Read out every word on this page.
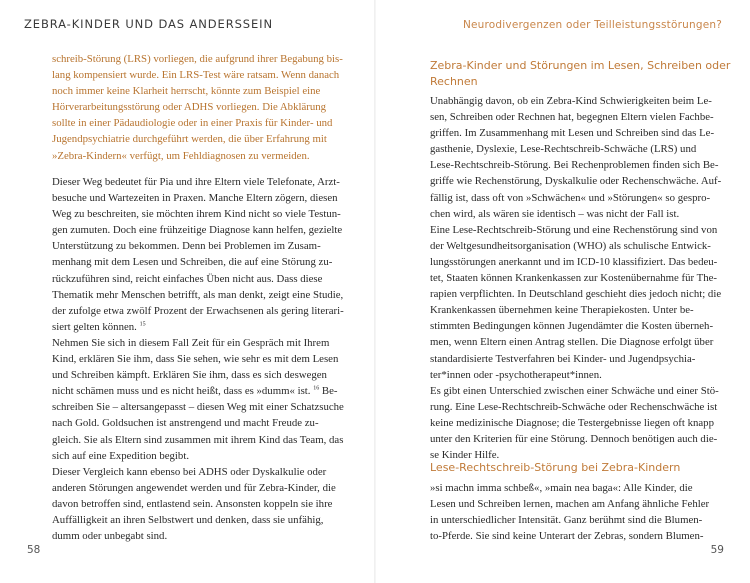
ZEBRA-KINDER UND DAS ANDERSSEIN
schreib-Störung (LRS) vorliegen, die aufgrund ihrer Begabung bis-
lang kompensiert wurde. Ein LRS-Test wäre ratsam. Wenn danach
noch immer keine Klarheit herrscht, könnte zum Beispiel eine
Hörverarbeitungsstörung oder ADHS vorliegen. Die Abklärung
sollte in einer Pädaudiologie oder in einer Praxis für Kinder- und
Jugendpsychiatrie durchgeführt werden, die über Erfahrung mit
»Zebra-Kindern« verfügt, um Fehldiagnosen zu vermeiden.
Dieser Weg bedeutet für Pia und ihre Eltern viele Telefonate, Arzt-
besuche und Wartezeiten in Praxen. Manche Eltern zögern, diesen
Weg zu beschreiten, sie möchten ihrem Kind nicht so viele Testun-
gen zumuten. Doch eine frühzeitige Diagnose kann helfen, gezielte
Unterstützung zu bekommen. Denn bei Problemen im Zusam-
menhang mit dem Lesen und Schreiben, die auf eine Störung zu-
rückzuführen sind, reicht einfaches Üben nicht aus. Dass diese
Thematik mehr Menschen betrifft, als man denkt, zeigt eine Studie,
der zufolge etwa zwölf Prozent der Erwachsenen als gering literari-
siert gelten können. $^{15}$
Nehmen Sie sich in diesem Fall Zeit für ein Gespräch mit Ihrem
Kind, erklären Sie ihm, dass Sie sehen, wie sehr es mit dem Lesen
und Schreiben kämpft. Erklären Sie ihm, dass es sich deswegen
nicht schämen muss und es nicht heißt, dass es »dumm« ist. $^{16}$ Be-
schreiben Sie – altersangepasst – diesen Weg mit einer Schatzsuche
nach Gold. Goldsuchen ist anstrengend und macht Freude zu-
gleich. Sie als Eltern sind zusammen mit ihrem Kind das Team, das
sich auf eine Expedition begibt.
Dieser Vergleich kann ebenso bei ADHS oder Dyskalkulie oder
anderen Störungen angewendet werden und für Zebra-Kinder, die
davon betroffen sind, entlastend sein. Ansonsten koppeln sie ihre
Auffälligkeit an ihren Selbstwert und denken, dass sie unfähig,
dumm oder unbegabt sind.
58
Neurodivergenzen oder Teilleistungsstörungen?
59
Zebra-Kinder und Störungen im Lesen, Schreiben oder
Rechnen
Unabhängig davon, ob ein Zebra-Kind Schwierigkeiten beim Le-
sen, Schreiben oder Rechnen hat, begegnen Eltern vielen Fachbe-
griffen. Im Zusammenhang mit Lesen und Schreiben sind das Le-
gasthenie, Dyslexie, Lese-Rechtschreib-Schwäche (LRS) und
Lese-Rechtschreib-Störung. Bei Rechenproblemen finden sich Be-
griffe wie Rechenstörung, Dyskalkulie oder Rechenschwäche. Auf-
fällig ist, dass oft von »Schwächen« und »Störungen« so gespro-
chen wird, als wären sie identisch – was nicht der Fall ist.
Eine Lese-Rechtschreib-Störung und eine Rechenstörung sind von
der Weltgesundheitsorganisation (WHO) als schulische Entwick-
lungsstörungen anerkannt und im ICD-10 klassifiziert. Das bedeu-
tet, Staaten können Krankenkassen zur Kostenübernahme für The-
rapien verpflichten. In Deutschland geschieht dies jedoch nicht; die
Krankenkassen übernehmen keine Therapiekosten. Unter be-
stimmten Bedingungen können Jugendämter die Kosten überneh-
men, wenn Eltern einen Antrag stellen. Die Diagnose erfolgt über
standardisierte Testverfahren bei Kinder- und Jugendpsychia-
ter*innen oder -psychotherapeut*innen.
Es gibt einen Unterschied zwischen einer Schwäche und einer Stö-
rung. Eine Lese-Rechtschreib-Schwäche oder Rechenschwäche ist
keine medizinische Diagnose; die Testergebnisse liegen oft knapp
unter den Kriterien für eine Störung. Dennoch benötigen auch die-
se Kinder Hilfe.
Lese-Rechtschreib-Störung bei Zebra-Kindern
»si machn imma schbeß«, »main nea baga«: Alle Kinder, die
Lesen und Schreiben lernen, machen am Anfang ähnliche Fehler
in unterschiedlicher Intensität. Ganz berühmt sind die Blumen-
to-Pferde. Sie sind keine Unterart der Zebras, sondern Blumen-
